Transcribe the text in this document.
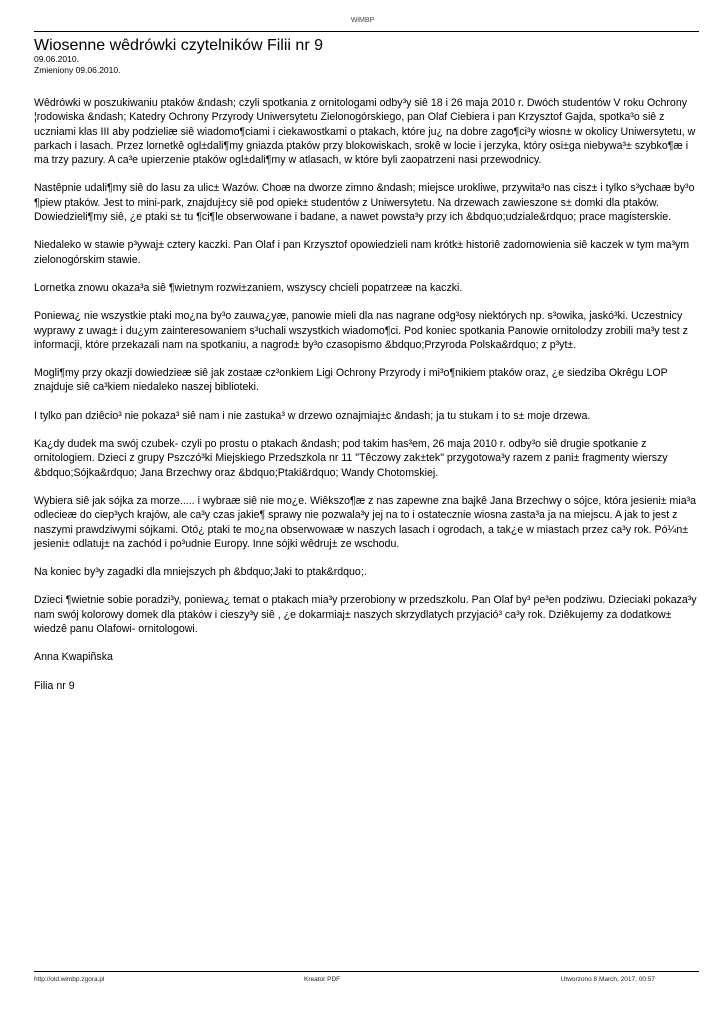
WiMBP
Wiosenne wêdrówki czytelników Filii nr 9
09.06.2010.
Zmieniony 09.06.2010.

Wêdrówki w poszukiwaniu ptaków &ndash; czyli spotkania z ornitologami odby³y siê 18 i 26 maja 2010 r. Dwóch studentów V roku Ochrony ¦rodowiska &ndash; Katedry Ochrony Przyrody Uniwersytetu Zielonogórskiego, pan Olaf Ciebiera i pan Krzysztof Gajda, spotka³o siê z uczniami klas III aby podzieliæ siê wiadomo¶ciami i ciekawostkami o ptakach, które ju¿ na dobre zago¶ci³y wiosn± w okolicy Uniwersytetu, w parkach i lasach. Przez lornetkê ogl±dali¶my gniazda ptaków przy blokowiskach, srokê w locie i jerzyka, który osi±ga niebywa³± szybko¶æ i ma trzy pazury. A ca³e upierzenie ptaków ogl±dali¶my w atlasach, w które byli zaopatrzeni nasi przewodnicy.

Nastêpnie udali¶my siê do lasu za ulic± Wazów. Choæ na dworze zimno &ndash; miejsce urokliwe, przywita³o nas cisz± i tylko s³ychaæ by³o ¶piew ptaków. Jest to mini-park, znajduj±cy siê pod opiek± studentów z Uniwersytetu. Na drzewach zawieszone s± domki dla ptaków. Dowiedzieli¶my siê, ¿e ptaki s± tu ¶ci¶le obserwowane i badane, a nawet powsta³y przy ich &bdquo;udziale&rdquo; prace magisterskie.

Niedaleko w stawie p³ywaj± cztery kaczki. Pan Olaf i pan Krzysztof opowiedzieli nam krótk± historiê zadomowienia siê kaczek w tym ma³ym zielonogórskim stawie.

Lornetka znowu okaza³a siê ¶wietnym rozwi±zaniem, wszyscy chcieli popatrzeæ na kaczki.

Poniewa¿ nie wszystkie ptaki mo¿na by³o zauwa¿yæ, panowie mieli dla nas nagrane odg³osy niektórych np. s³owika, jaskó³ki. Uczestnicy wyprawy z uwag± i du¿ym zainteresowaniem s³uchali wszystkich wiadomo¶ci. Pod koniec spotkania Panowie ornitolodzy zrobili ma³y test z informacji, które przekazali nam na spotkaniu, a nagrod± by³o czasopismo &bdquo;Przyroda Polska&rdquo; z p³yt±.

Mogli¶my przy okazji dowiedzieæ siê jak zostaæ cz³onkiem Ligi Ochrony Przyrody i mi³o¶nikiem ptaków oraz, ¿e siedziba Okrêgu LOP znajduje siê ca³kiem niedaleko naszej biblioteki.

I tylko pan dziêcio³ nie pokaza³ siê nam i nie zastuka³ w drzewo oznajmiaj±c &ndash; ja tu stukam i to s± moje drzewa.

Ka¿dy dudek ma swój czubek- czyli po prostu o ptakach &ndash; pod takim has³em, 26 maja 2010 r. odby³o siê drugie spotkanie z ornitologiem. Dzieci z grupy Pszczó³ki Miejskiego Przedszkola nr 11 "Têczowy zak±tek" przygotowa³y razem z pani± fragmenty wierszy &bdquo;Sójka&rdquo; Jana Brzechwy oraz &bdquo;Ptaki&rdquo; Wandy Chotomskiej.

Wybiera siê jak sójka za morze..... i wybraæ siê nie mo¿e. Wiêkszo¶æ z nas zapewne zna bajkê Jana Brzechwy o sójce, która jesieni± mia³a odlecieæ do ciep³ych krajów, ale ca³y czas jakie¶ sprawy nie pozwala³y jej na to i ostatecznie wiosna zasta³a ja na miejscu. A jak to jest z naszymi prawdziwymi sójkami. Otó¿ ptaki te mo¿na obserwowaæ w naszych lasach i ogrodach, a tak¿e w miastach przez ca³y rok. Pó¼n± jesieni± odlatuj± na zachód i po³udnie Europy. Inne sójki wêdruj± ze wschodu.

Na koniec by³y zagadki dla mniejszych ph &bdquo;Jaki to ptak&rdquo;.

Dzieci ¶wietnie sobie poradzi³y, poniewa¿ temat o ptakach mia³y przerobiony w przedszkolu. Pan Olaf by³ pe³en podziwu. Dzieciaki pokaza³y nam swój kolorowy domek dla ptaków i cieszy³y siê , ¿e dokarmiaj± naszych skrzydlatych przyjació³ ca³y rok. Dziêkujemy za dodatkow± wiedzê panu Olafowi- ornitologowi.

Anna Kwapiñska

Filia nr 9

http://old.wimbp.zgora.pl	Kreator PDF	Utworzono 8 March, 2017, 00:57
